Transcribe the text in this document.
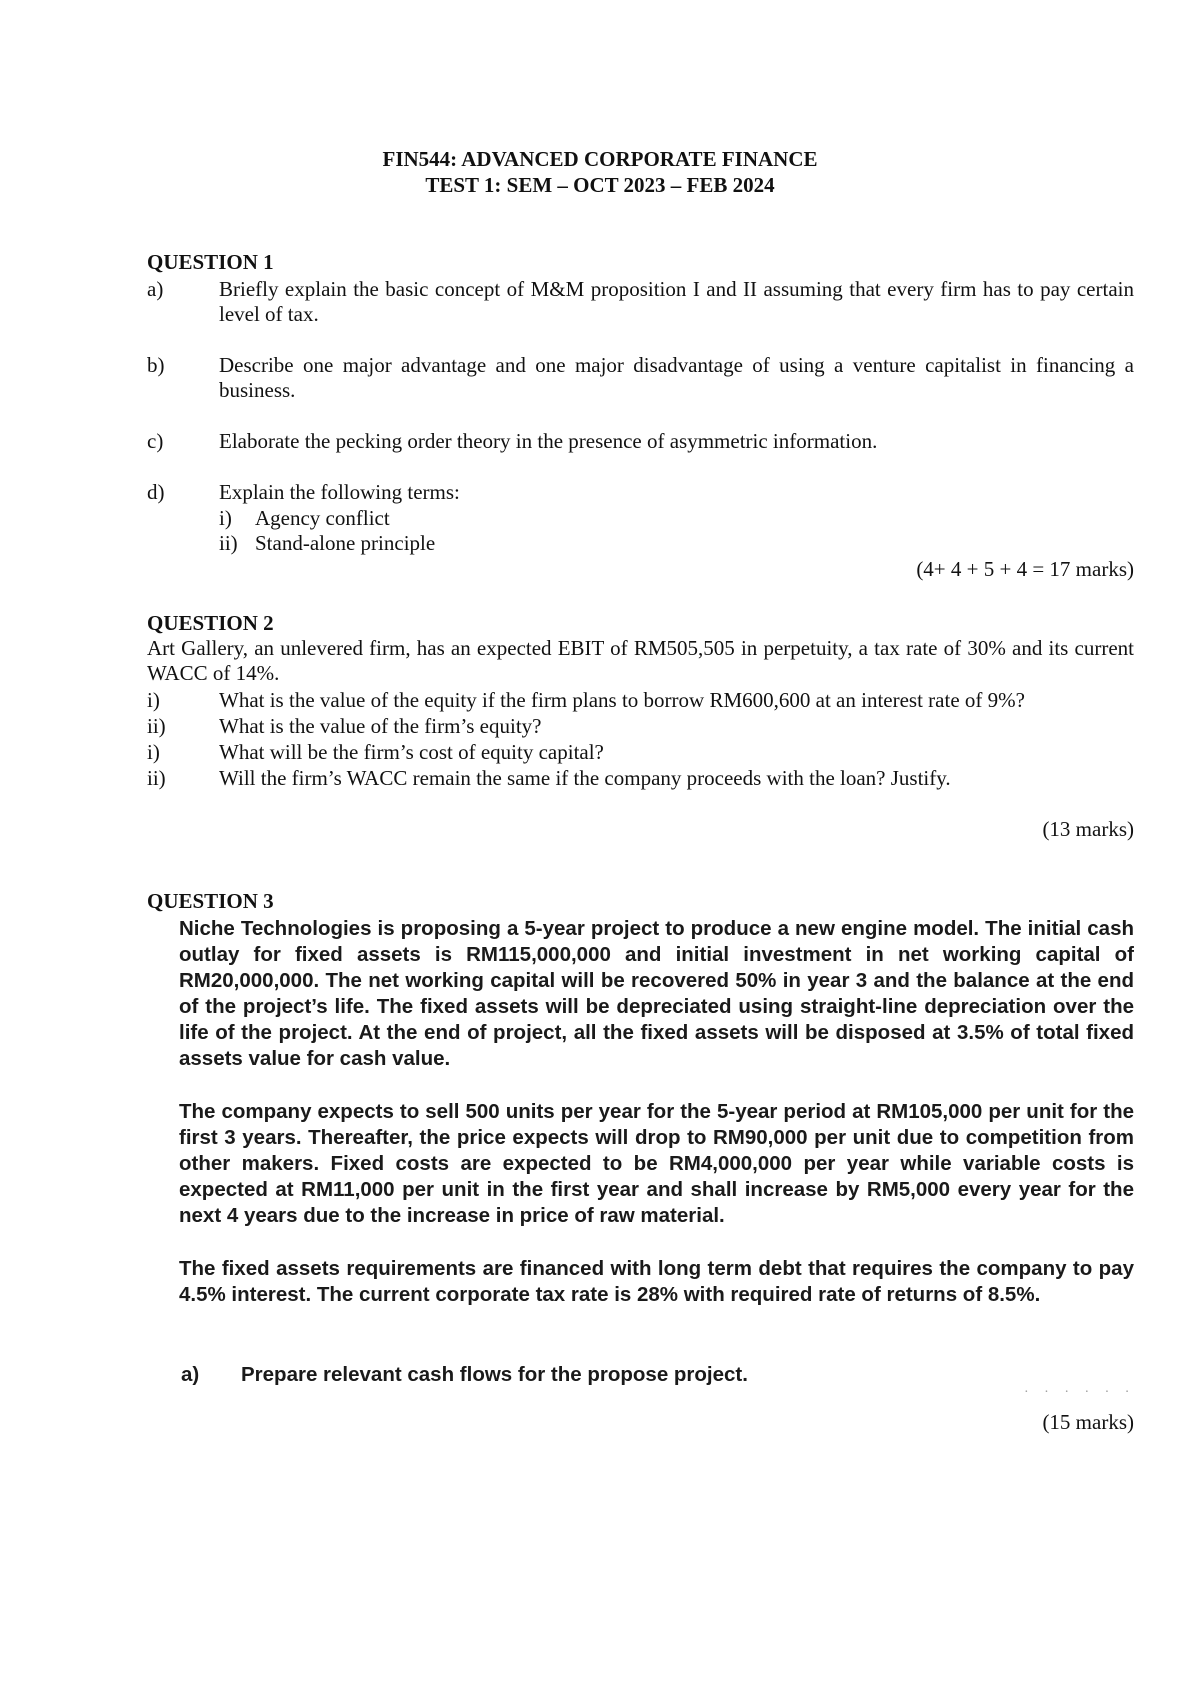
FIN544: ADVANCED CORPORATE FINANCE
TEST 1: SEM – OCT 2023 – FEB 2024
QUESTION 1
a)	Briefly explain the basic concept of M&M proposition I and II assuming that every firm has to pay certain level of tax.
b)	Describe one major advantage and one major disadvantage of using a venture capitalist in financing a business.
c)	Elaborate the pecking order theory in the presence of asymmetric information.
d)	Explain the following terms:
i) Agency conflict
ii) Stand-alone principle
(4+ 4 + 5 + 4 = 17 marks)
QUESTION 2
Art Gallery, an unlevered firm, has an expected EBIT of RM505,505 in perpetuity, a tax rate of 30% and its current WACC of 14%.
i)	What is the value of the equity if the firm plans to borrow RM600,600 at an interest rate of 9%?
ii)	What is the value of the firm’s equity?
i)	What will be the firm’s cost of equity capital?
ii)	Will the firm’s WACC remain the same if the company proceeds with the loan? Justify.
(13 marks)
QUESTION 3
Niche Technologies is proposing a 5-year project to produce a new engine model. The initial cash outlay for fixed assets is RM115,000,000 and initial investment in net working capital of RM20,000,000. The net working capital will be recovered 50% in year 3 and the balance at the end of the project’s life. The fixed assets will be depreciated using straight-line depreciation over the life of the project. At the end of project, all the fixed assets will be disposed at 3.5% of total fixed assets value for cash value.
The company expects to sell 500 units per year for the 5-year period at RM105,000 per unit for the first 3 years. Thereafter, the price expects will drop to RM90,000 per unit due to competition from other makers. Fixed costs are expected to be RM4,000,000 per year while variable costs is expected at RM11,000 per unit in the first year and shall increase by RM5,000 every year for the next 4 years due to the increase in price of raw material.
The fixed assets requirements are financed with long term debt that requires the company to pay 4.5% interest. The current corporate tax rate is 28% with required rate of returns of 8.5%.
a) Prepare relevant cash flows for the propose project.
· · · · · ·
(15 marks)
